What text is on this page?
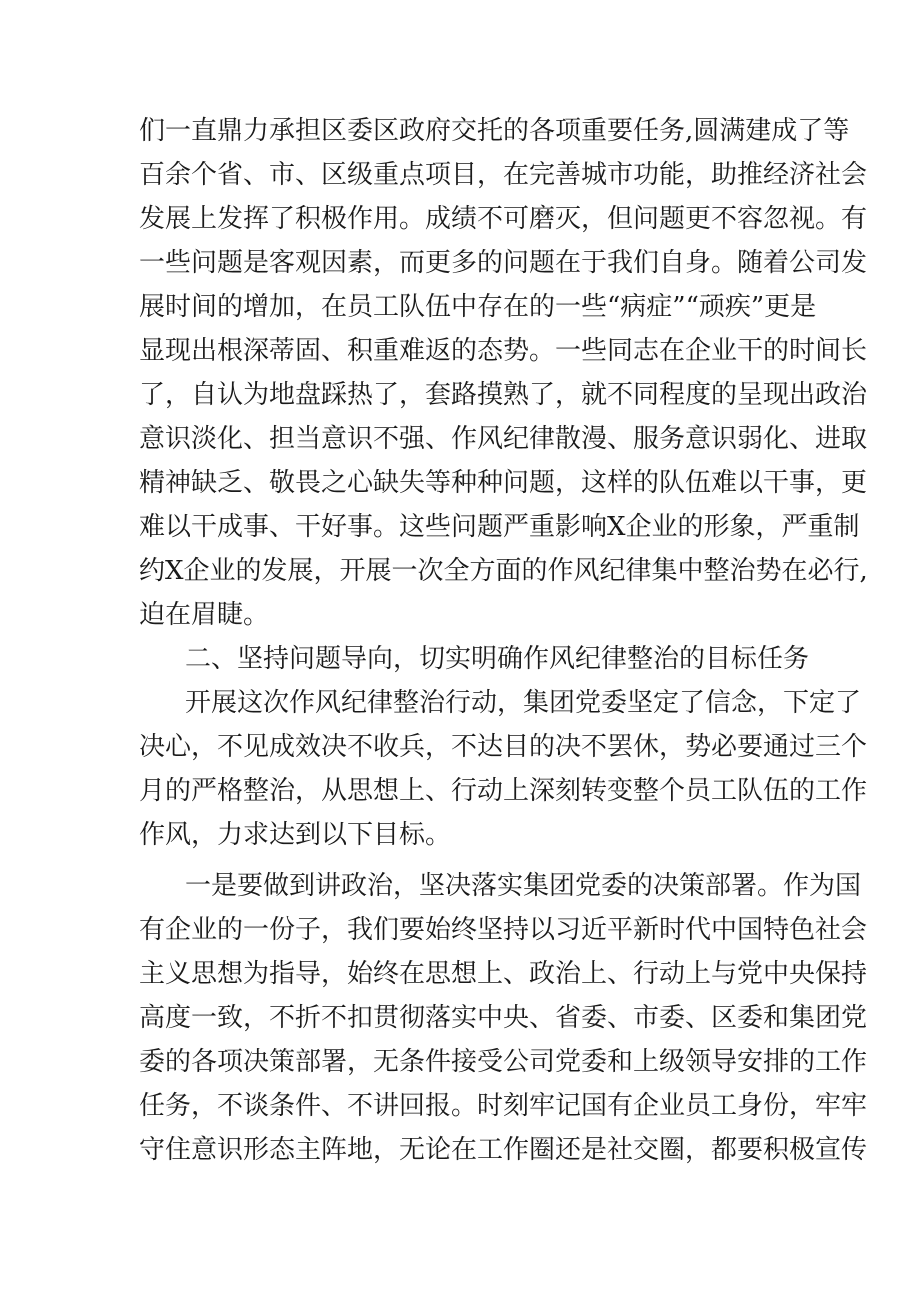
们一直鼎力承担区委区政府交托的各项重要任务,圆满建成了等
百余个省、市、区级重点项目，在完善城市功能，助推经济社会
发展上发挥了积极作用。成绩不可磨灭，但问题更不容忽视。有
一些问题是客观因素，而更多的问题在于我们自身。随着公司发
展时间的增加，在员工队伍中存在的一些“病症”“顽疾”更是
显现出根深蒂固、积重难返的态势。一些同志在企业干的时间长
了，自认为地盘踩热了，套路摸熟了，就不同程度的呈现出政治
意识淡化、担当意识不强、作风纪律散漫、服务意识弱化、进取
精神缺乏、敬畏之心缺失等种种问题，这样的队伍难以干事，更
难以干成事、干好事。这些问题严重影响X企业的形象，严重制
约X企业的发展，开展一次全方面的作风纪律集中整治势在必行,
迫在眉睫。
二、坚持问题导向，切实明确作风纪律整治的目标任务
开展这次作风纪律整治行动，集团党委坚定了信念，下定了
决心，不见成效决不收兵，不达目的决不罢休，势必要通过三个
月的严格整治，从思想上、行动上深刻转变整个员工队伍的工作
作风，力求达到以下目标。
一是要做到讲政治，坚决落实集团党委的决策部署。作为国
有企业的一份子，我们要始终坚持以习近平新时代中国特色社会
主义思想为指导，始终在思想上、政治上、行动上与党中央保持
高度一致，不折不扣贯彻落实中央、省委、市委、区委和集团党
委的各项决策部署，无条件接受公司党委和上级领导安排的工作
任务，不谈条件、不讲回报。时刻牢记国有企业员工身份，牢牢
守住意识形态主阵地，无论在工作圈还是社交圈，都要积极宣传
